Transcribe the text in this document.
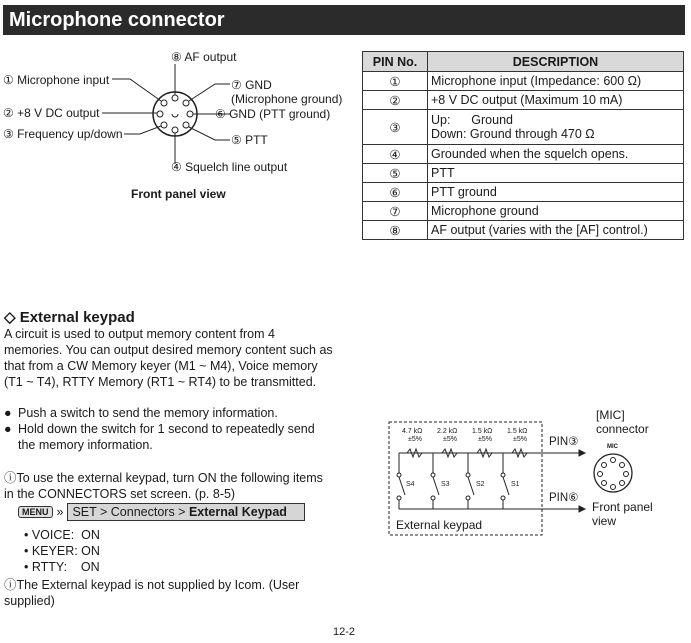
Microphone connector
⑧ AF output
① Microphone input	⑦ GND
(Microphone ground)
② +8 V DC output	⑥ GND (PTT ground)
③ Frequency up/down	⑤ PTT
④ Squelch line output
Front panel view
PIN No.	DESCRIPTION
①	Microphone input (Impedance: 600 Ω)
②	+8 V DC output (Maximum 10 mA)
③	Up:      Ground
Down: Ground through 470 Ω

④	Grounded when the squelch opens.
⑤	PTT
⑥	PTT ground
⑦	Microphone ground
⑧	AF output (varies with the [AF] control.)
◇ External keypad
A circuit is used to output memory content from 4 memories. You can output desired memory content such as that from a CW Memory keyer (M1 ~ M4), Voice memory (T1 ~ T4), RTTY Memory (RT1 ~ RT4) to be transmitted.
● Push a switch to send the memory information.
● Hold down the switch for 1 second to repeatedly send the memory information.
ⓘTo use the external keypad, turn ON the following items in the CONNECTORS set screen. (p. 8-5)
MENU » SET > Connectors > External Keypad
• VOICE:  ON
• KEYER: ON
• RTTY:    ON
ⓘThe External keypad is not supplied by Icom. (User supplied)
4.7 kΩ
±5%
2.2 kΩ
±5%
1.5 kΩ
±5%
1.5 kΩ
±5%
S4	S3	S2	S1
PIN③
PIN⑥
External keypad
[MIC]
connector
MIC
Front panel
view
12-2
